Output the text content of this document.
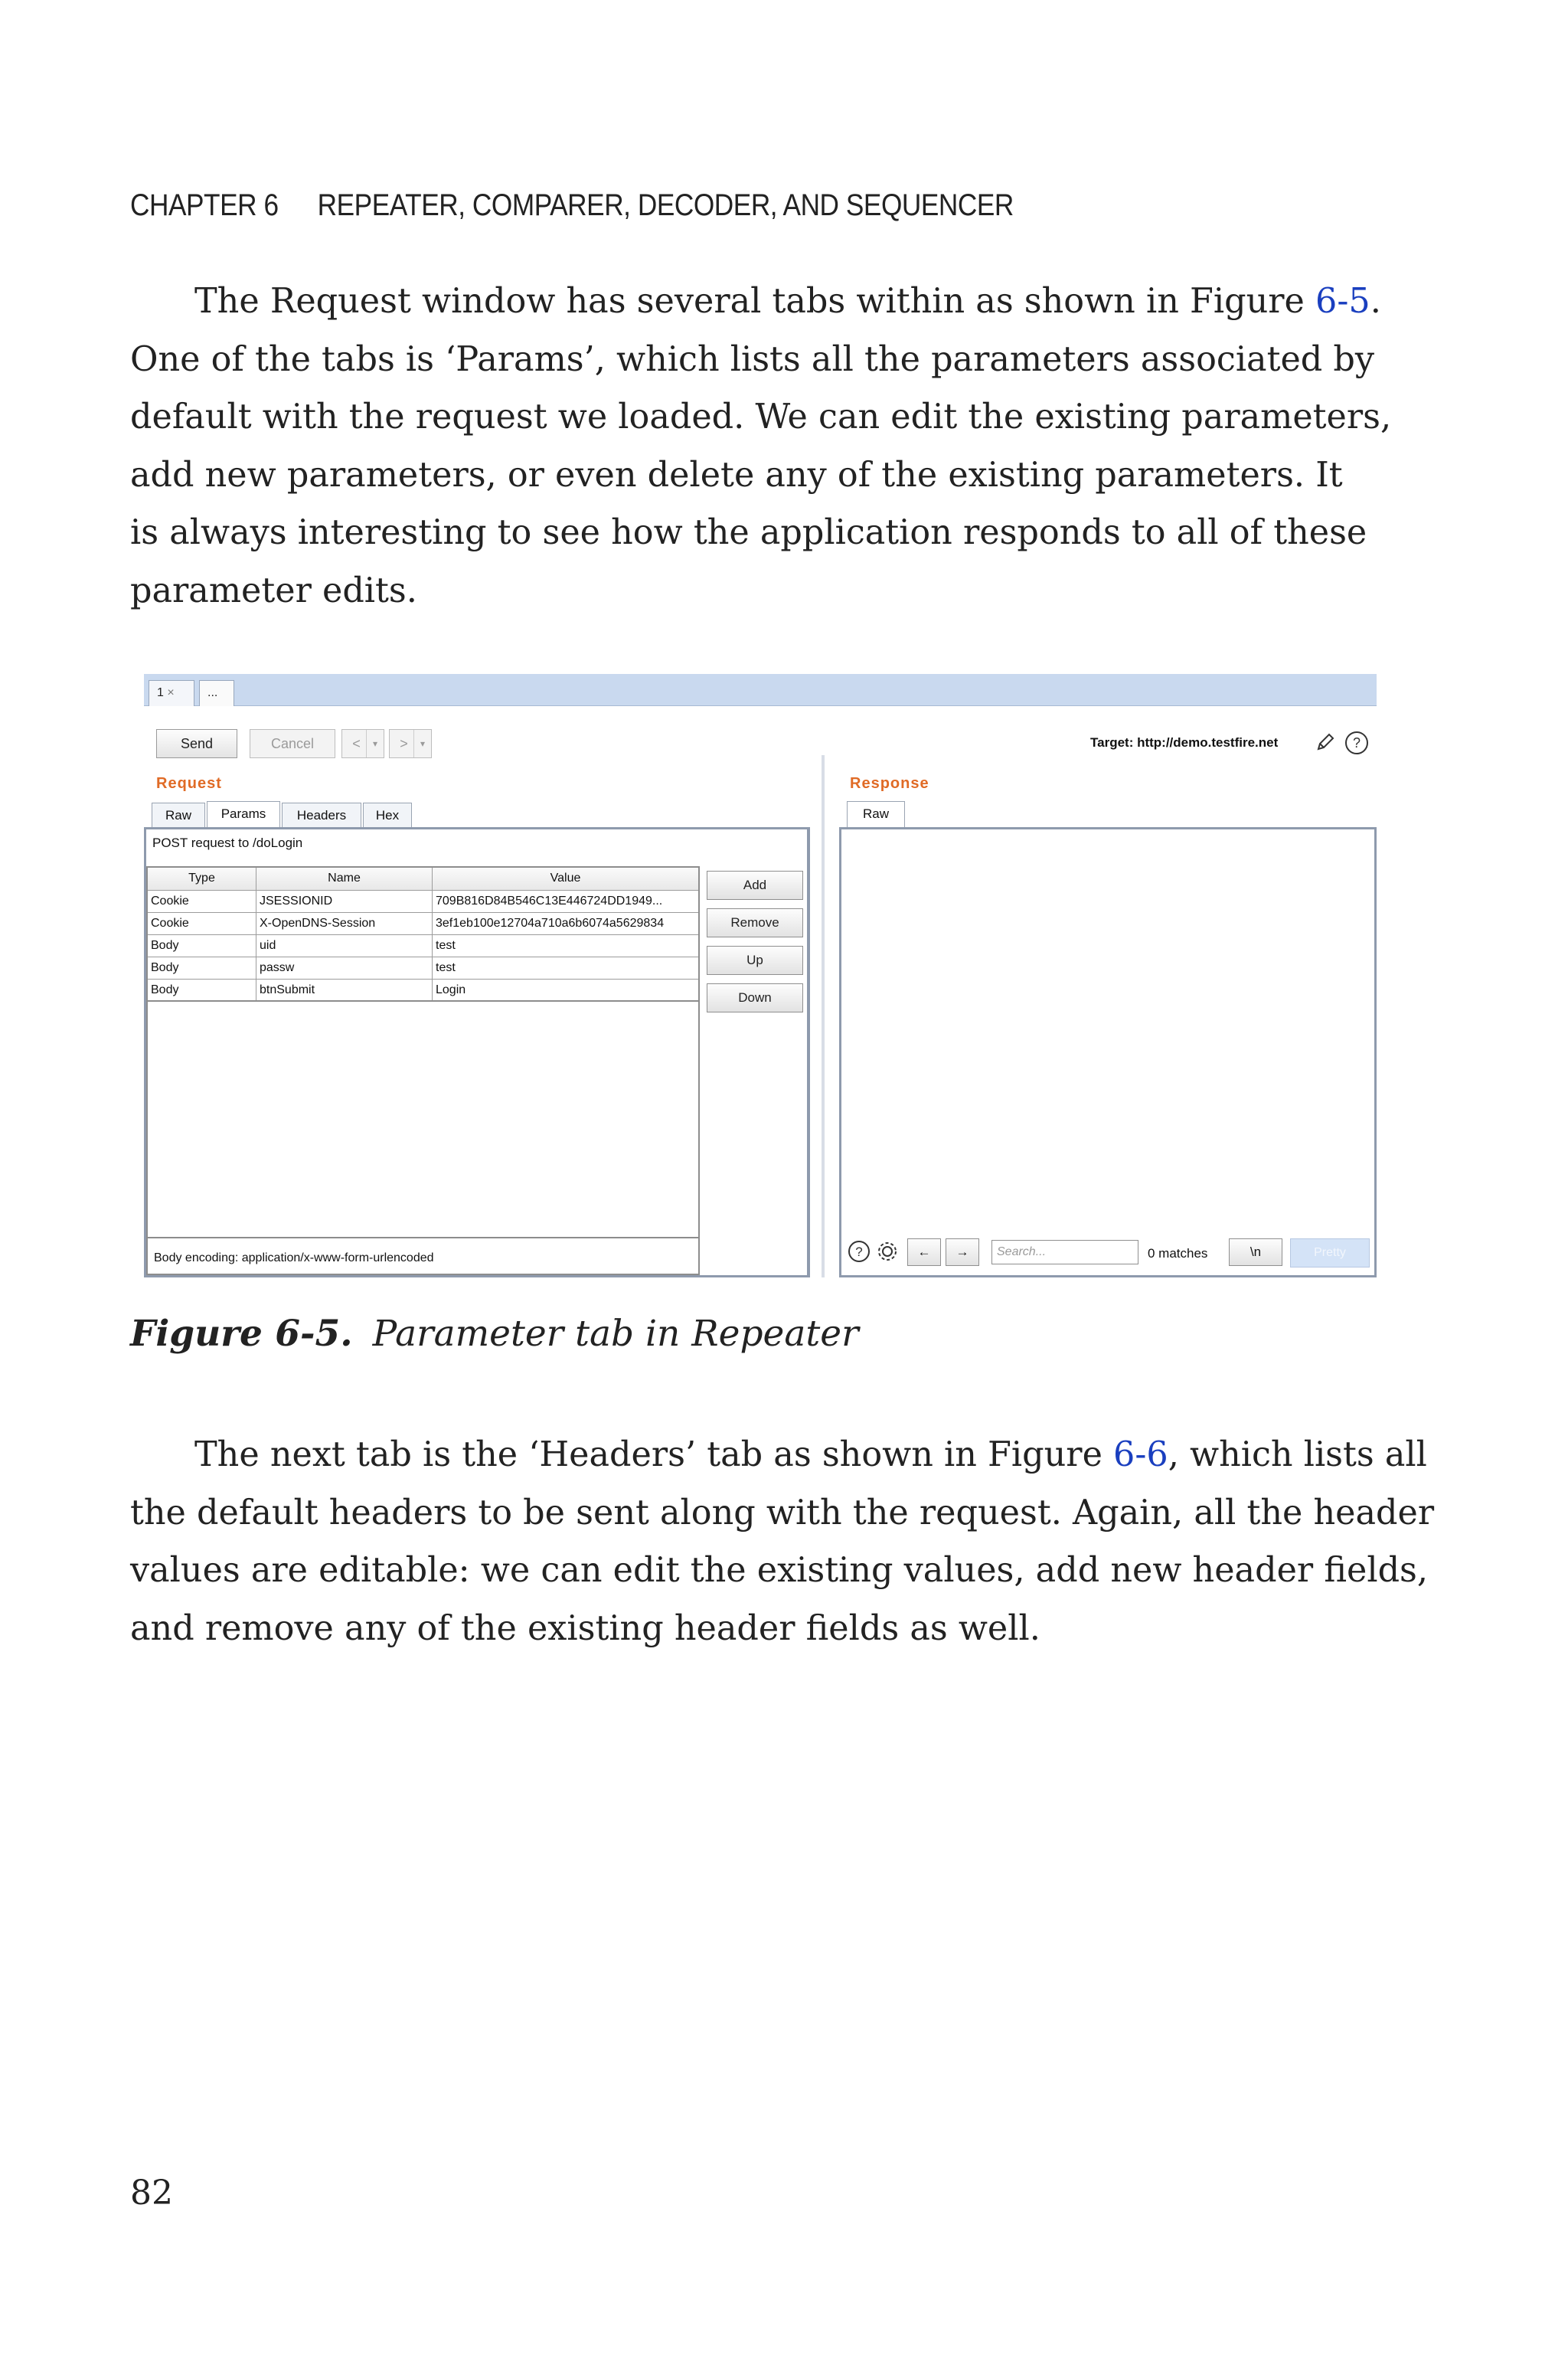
CHAPTER 6 REPEATER, COMPARER, DECODER, AND SEQUENCER
The Request window has several tabs within as shown in Figure 6-5.
One of the tabs is ‘Params’, which lists all the parameters associated by
default with the request we loaded. We can edit the existing parameters,
add new parameters, or even delete any of the existing parameters. It
is always interesting to see how the application responds to all of these
parameter edits.
1 ×	...
Send	Cancel	<	▾	>	▾	Target: http://demo.testfire.net	?
Request
Raw	Params	Headers	Hex
POST request to /doLogin
Type	Name	Value
Cookie	JSESSIONID	709B816D84B546C13E446724DD1949...
Cookie	X-OpenDNS-Session	3ef1eb100e12704a710a6b6074a5629834
Body	uid	test
Body	passw	test
Body	btnSubmit	Login
Add
Remove
Up
Down
Body encoding: application/x-www-form-urlencoded
Response
Raw
?	←	→	Search...	0 matches	\n	Pretty
Figure 6-5. Parameter tab in Repeater
The next tab is the ‘Headers’ tab as shown in Figure 6-6, which lists all
the default headers to be sent along with the request. Again, all the header
values are editable: we can edit the existing values, add new header fields,
and remove any of the existing header fields as well.
82
